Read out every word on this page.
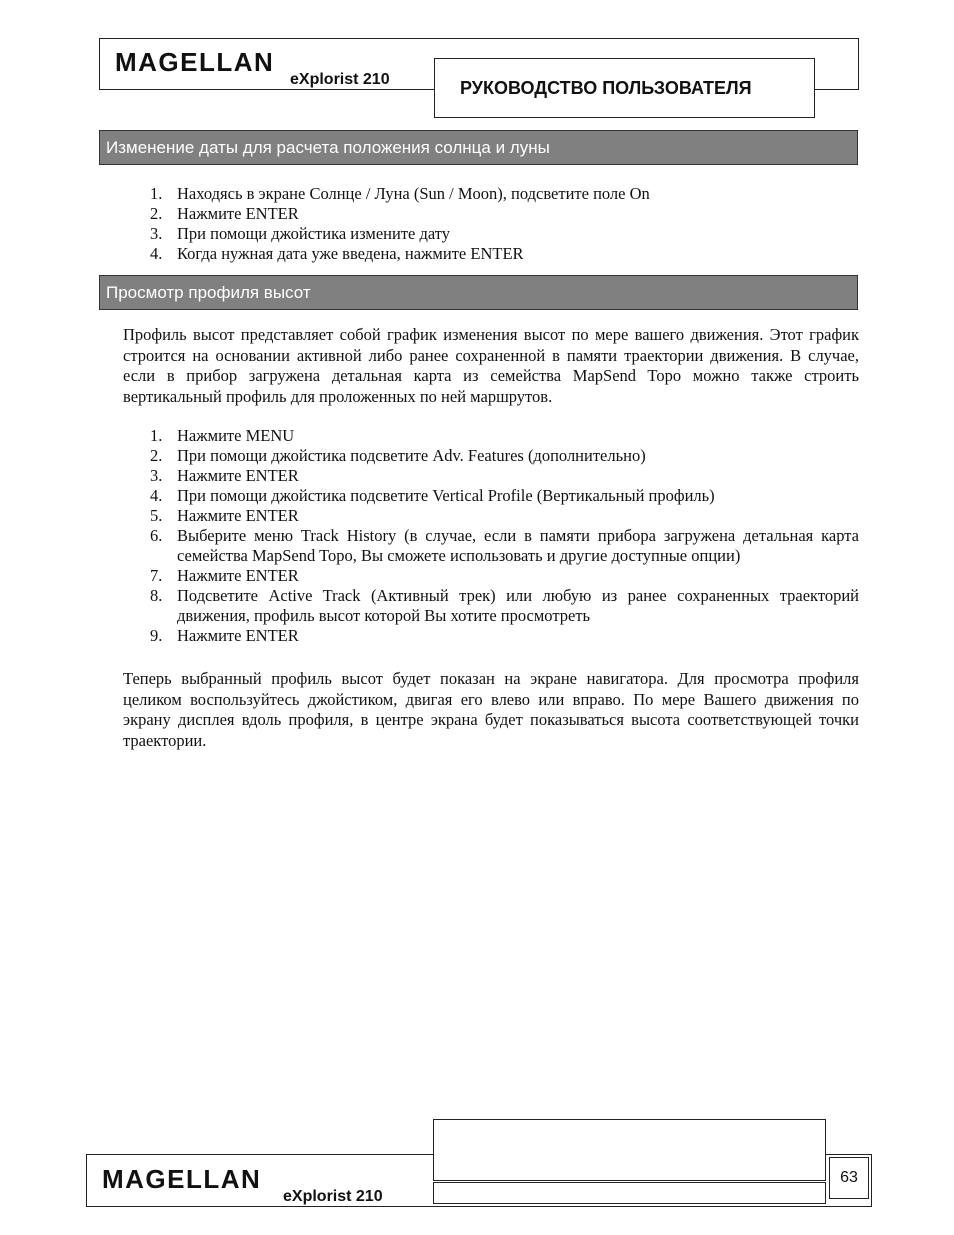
MAGELLAN
eXplorist 210	РУКОВОДСТВО ПОЛЬЗОВАТЕЛЯ
Изменение даты для расчета положения солнца и луны
1. Находясь в экране Солнце / Луна (Sun / Moon), подсветите поле On
2. Нажмите ENTER
3. При помощи джойстика измените дату
4. Когда нужная дата уже введена, нажмите ENTER
Просмотр профиля высот

Профиль высот представляет собой график изменения высот по мере вашего движения. Этот график строится на основании активной либо ранее сохраненной в памяти траектории движения. В случае, если в прибор загружена детальная карта из семейства MapSend Topo можно также строить вертикальный профиль для проложенных по ней маршрутов.

1. Нажмите MENU
2. При помощи джойстика подсветите Adv. Features (дополнительно)
3. Нажмите ENTER
4. При помощи джойстика подсветите Vertical Profile (Вертикальный профиль)
5. Нажмите ENTER
6. Выберите меню Track History (в случае, если в памяти прибора загружена детальная карта семейства MapSend Topo, Вы сможете использовать и другие доступные опции)
7. Нажмите ENTER
8. Подсветите Active Track (Активный трек) или любую из ранее сохраненных траекторий движения, профиль высот которой Вы хотите просмотреть
9. Нажмите ENTER

Теперь выбранный профиль высот будет показан на экране навигатора. Для просмотра профиля целиком воспользуйтесь джойстиком, двигая его влево или вправо. По мере Вашего движения по экрану дисплея вдоль профиля, в центре экрана будет показываться высота соответствующей точки траектории.

MAGELLAN
eXplorist 210
63
